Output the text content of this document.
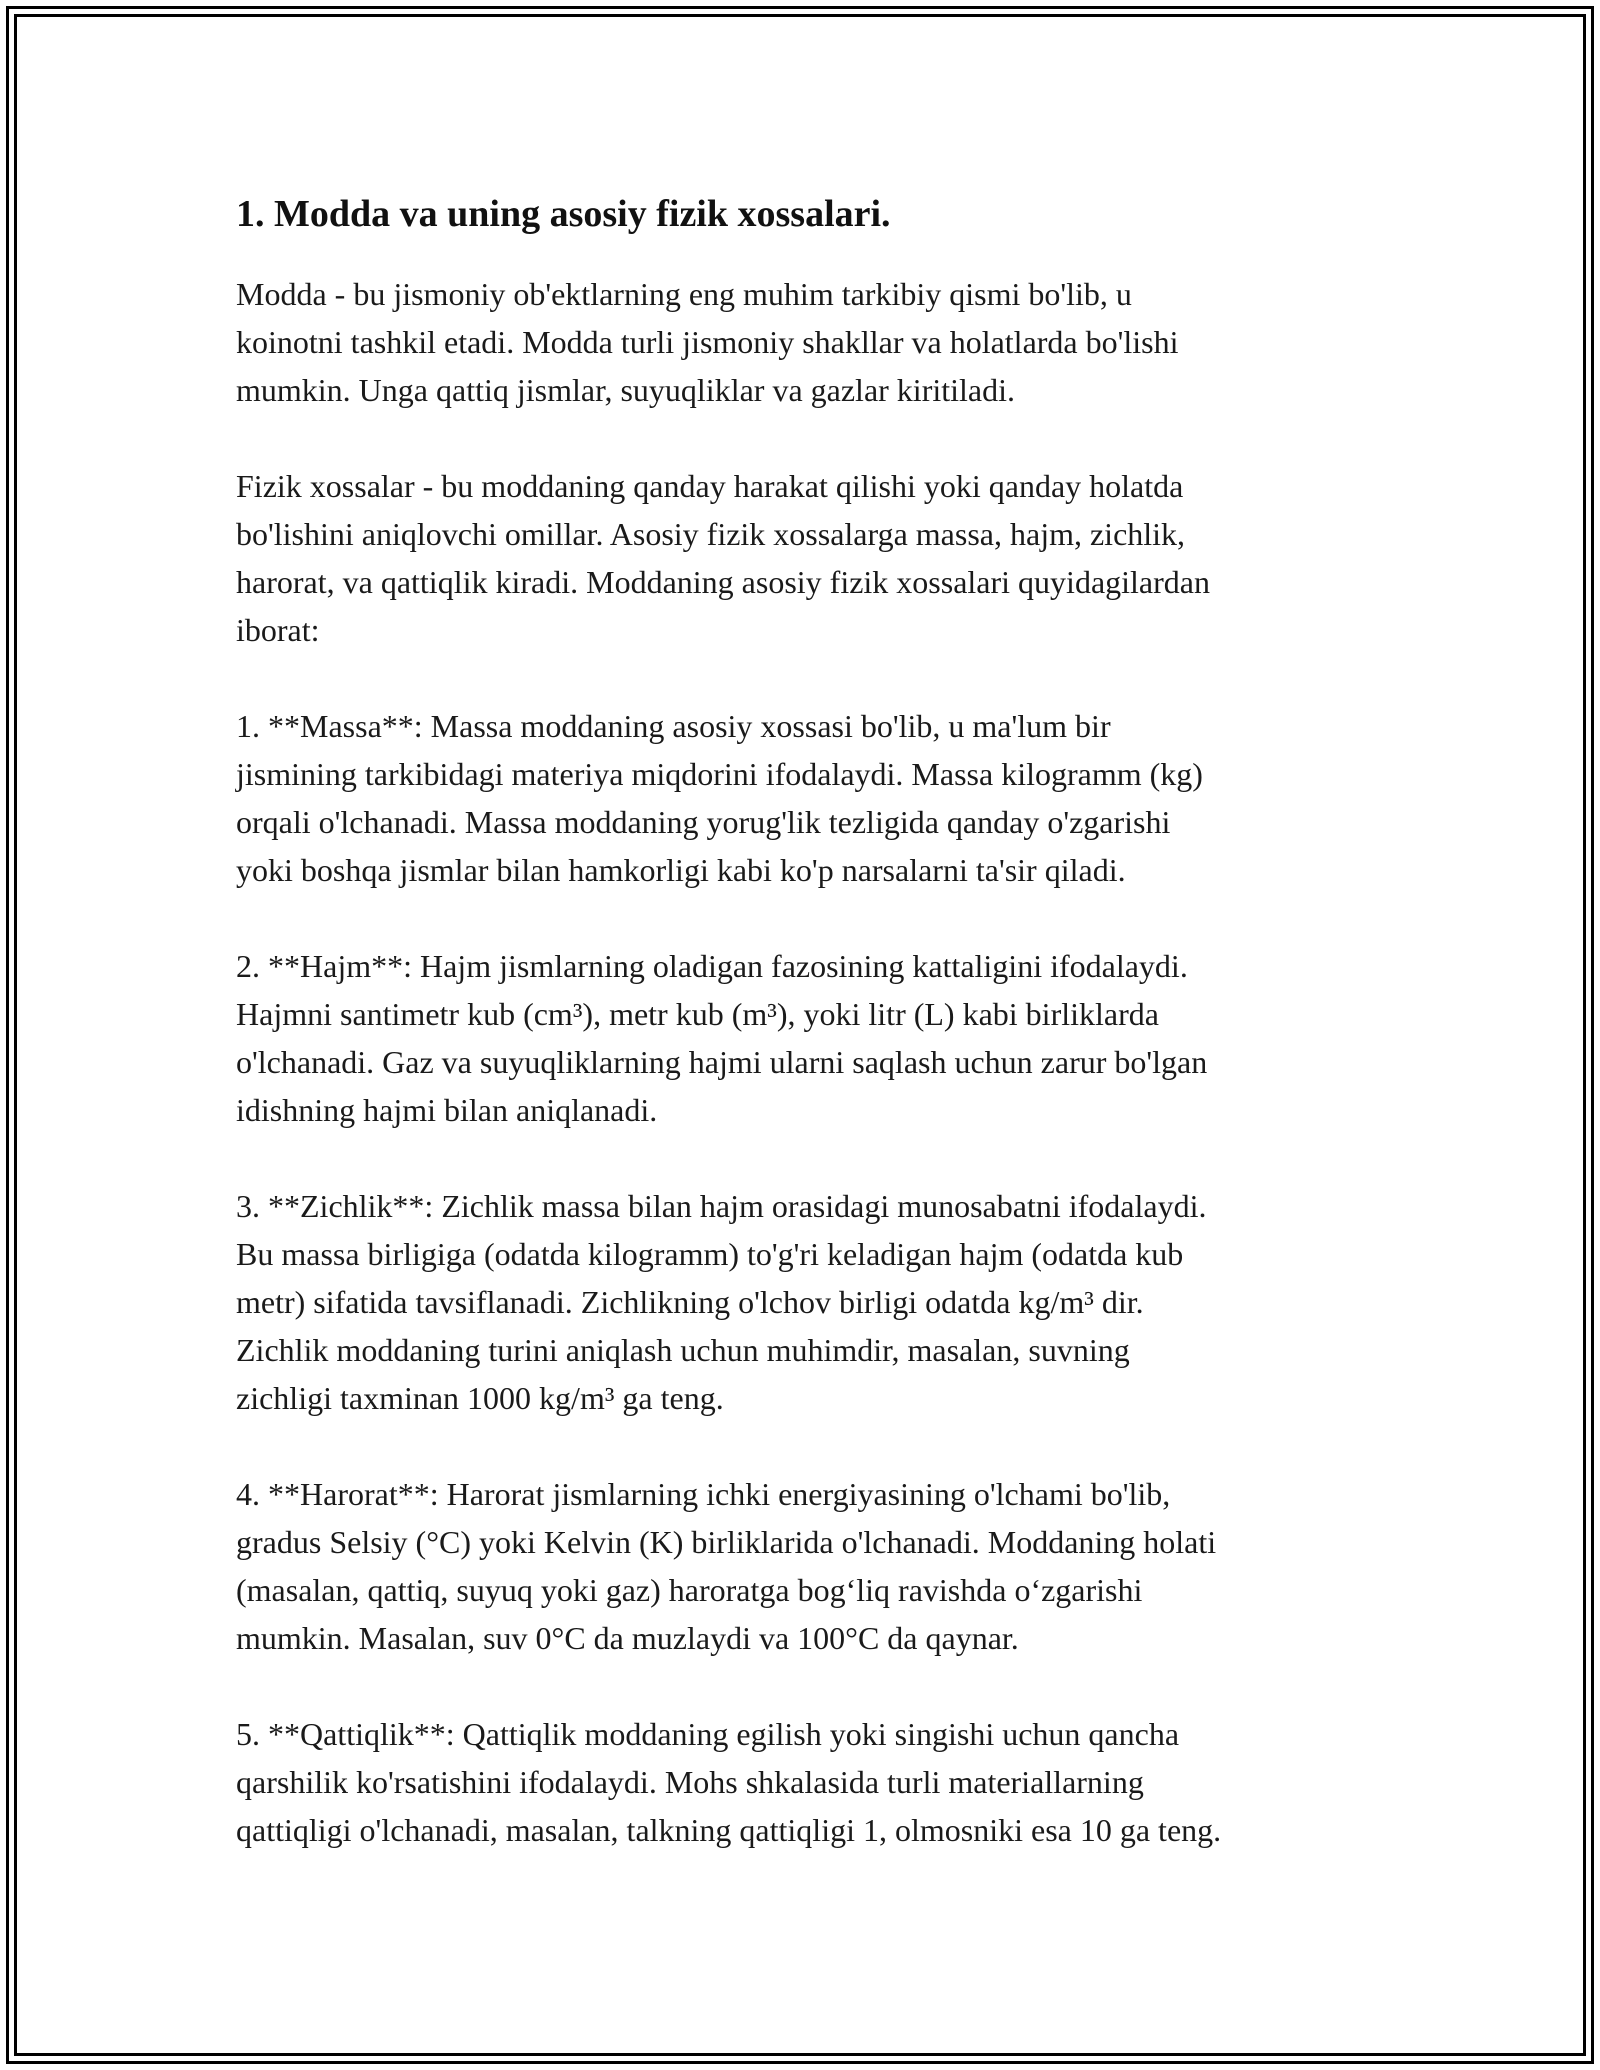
1. Modda va uning asosiy fizik xossalari.

Modda - bu jismoniy ob'ektlarning eng muhim tarkibiy qismi bo'lib, u
koinotni tashkil etadi. Modda turli jismoniy shakllar va holatlarda bo'lishi
mumkin. Unga qattiq jismlar, suyuqliklar va gazlar kiritiladi.

Fizik xossalar - bu moddaning qanday harakat qilishi yoki qanday holatda
bo'lishini aniqlovchi omillar. Asosiy fizik xossalarga massa, hajm, zichlik,
harorat, va qattiqlik kiradi. Moddaning asosiy fizik xossalari quyidagilardan
iborat:

1. **Massa**: Massa moddaning asosiy xossasi bo'lib, u ma'lum bir
jismining tarkibidagi materiya miqdorini ifodalaydi. Massa kilogramm (kg)
orqali o'lchanadi. Massa moddaning yorug'lik tezligida qanday o'zgarishi
yoki boshqa jismlar bilan hamkorligi kabi ko'p narsalarni ta'sir qiladi.

2. **Hajm**: Hajm jismlarning oladigan fazosining kattaligini ifodalaydi.
Hajmni santimetr kub (cm³), metr kub (m³), yoki litr (L) kabi birliklarda
o'lchanadi. Gaz va suyuqliklarning hajmi ularni saqlash uchun zarur bo'lgan
idishning hajmi bilan aniqlanadi.

3. **Zichlik**: Zichlik massa bilan hajm orasidagi munosabatni ifodalaydi.
Bu massa birligiga (odatda kilogramm) to'g'ri keladigan hajm (odatda kub
metr) sifatida tavsiflanadi. Zichlikning o'lchov birligi odatda kg/m³ dir.
Zichlik moddaning turini aniqlash uchun muhimdir, masalan, suvning
zichligi taxminan 1000 kg/m³ ga teng.

4. **Harorat**: Harorat jismlarning ichki energiyasining o'lchami bo'lib,
gradus Selsiy (°C) yoki Kelvin (K) birliklarida o'lchanadi. Moddaning holati
(masalan, qattiq, suyuq yoki gaz) haroratga bog‘liq ravishda o‘zgarishi
mumkin. Masalan, suv 0°C da muzlaydi va 100°C da qaynar.

5. **Qattiqlik**: Qattiqlik moddaning egilish yoki singishi uchun qancha
qarshilik ko'rsatishini ifodalaydi. Mohs shkalasida turli materiallarning
qattiqligi o'lchanadi, masalan, talkning qattiqligi 1, olmosniki esa 10 ga teng.
